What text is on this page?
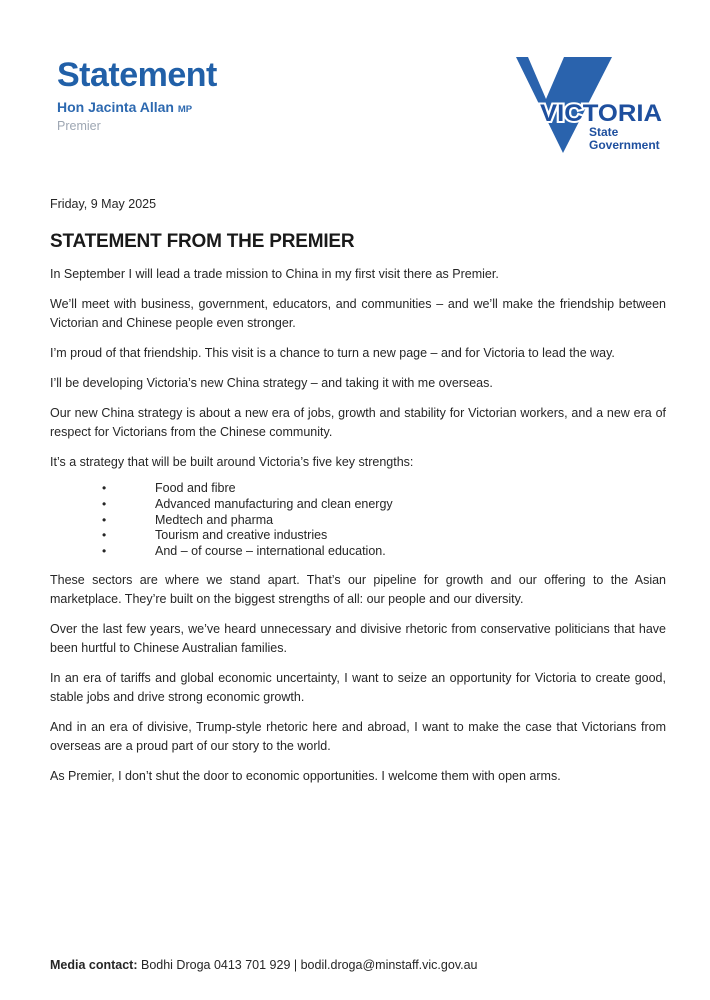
Statement
Hon Jacinta Allan MP
Premier	VICTORIA
State
Government
Friday, 9 May 2025
STATEMENT FROM THE PREMIER

In September I will lead a trade mission to China in my first visit there as Premier.

We’ll meet with business, government, educators, and communities – and we’ll make the friendship between Victorian and Chinese people even stronger.

I’m proud of that friendship. This visit is a chance to turn a new page – and for Victoria to lead the way.

I’ll be developing Victoria’s new China strategy – and taking it with me overseas.

Our new China strategy is about a new era of jobs, growth and stability for Victorian workers, and a new era of respect for Victorians from the Chinese community.

It’s a strategy that will be built around Victoria’s five key strengths:

•	Food and fibre
•	Advanced manufacturing and clean energy
•	Medtech and pharma
•	Tourism and creative industries
•	And – of course – international education.

These sectors are where we stand apart. That’s our pipeline for growth and our offering to the Asian marketplace. They’re built on the biggest strengths of all: our people and our diversity.

Over the last few years, we’ve heard unnecessary and divisive rhetoric from conservative politicians that have been hurtful to Chinese Australian families.

In an era of tariffs and global economic uncertainty, I want to seize an opportunity for Victoria to create good, stable jobs and drive strong economic growth.

And in an era of divisive, Trump-style rhetoric here and abroad, I want to make the case that Victorians from overseas are a proud part of our story to the world.

As Premier, I don’t shut the door to economic opportunities. I welcome them with open arms.

Media contact: Bodhi Droga 0413 701 929 | bodil.droga@minstaff.vic.gov.au
